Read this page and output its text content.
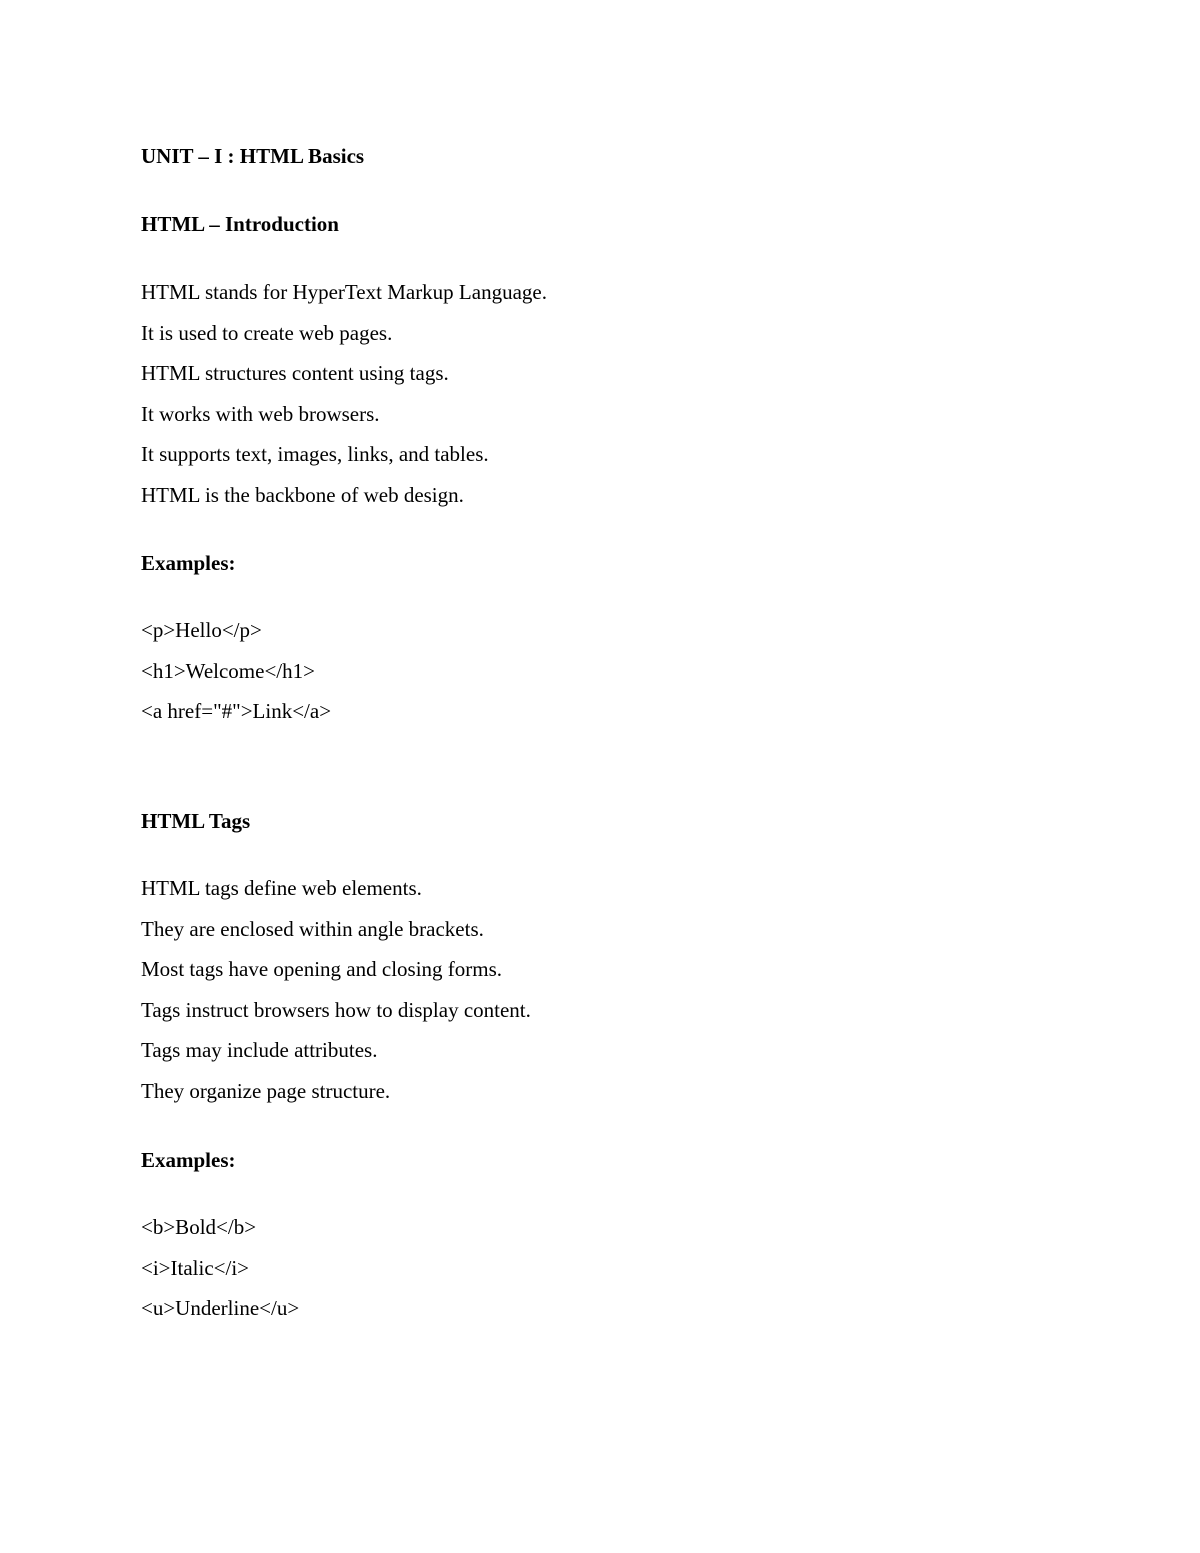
UNIT – I : HTML Basics
HTML – Introduction
HTML stands for HyperText Markup Language.
It is used to create web pages.
HTML structures content using tags.
It works with web browsers.
It supports text, images, links, and tables.
HTML is the backbone of web design.
Examples:
<p>Hello</p>
<h1>Welcome</h1>
<a href="#">Link</a>
HTML Tags
HTML tags define web elements.
They are enclosed within angle brackets.
Most tags have opening and closing forms.
Tags instruct browsers how to display content.
Tags may include attributes.
They organize page structure.
Examples:
<b>Bold</b>
<i>Italic</i>
<u>Underline</u>
